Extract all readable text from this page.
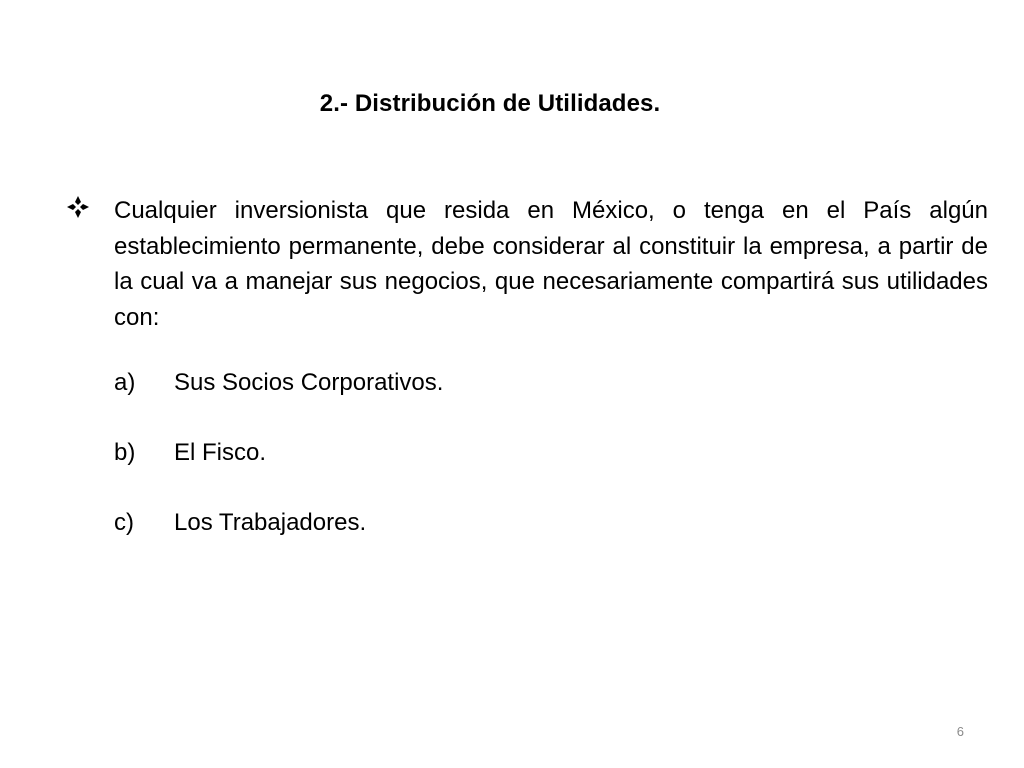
2.- Distribución de Utilidades.
Cualquier inversionista que resida en México, o tenga en el País algún establecimiento permanente, debe considerar al constituir la empresa, a partir de la cual va a manejar sus negocios, que necesariamente compartirá sus utilidades con:
a) Sus Socios Corporativos.
b) El Fisco.
c) Los Trabajadores.
6
